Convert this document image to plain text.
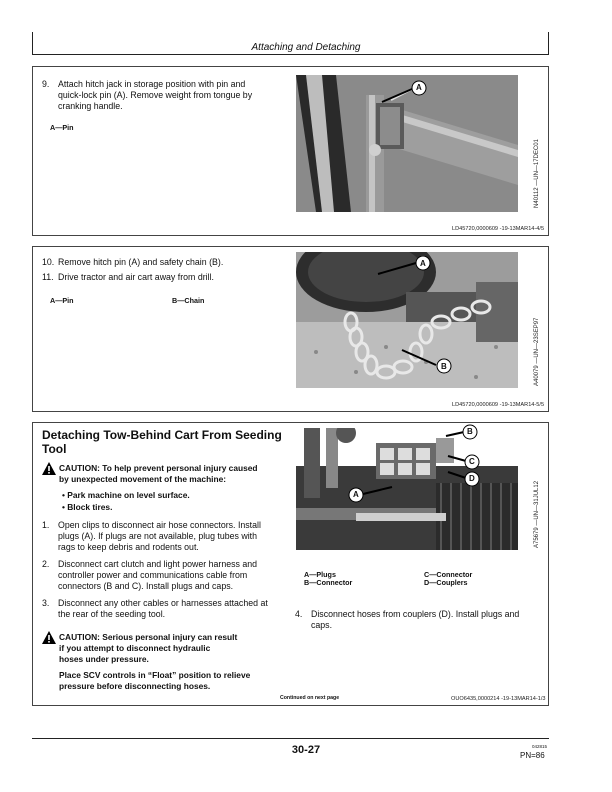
Attaching and Detaching
9. Attach hitch jack in storage position with pin and
quick-lock pin (A). Remove weight from tongue by
cranking handle.
A—Pin
A
N40112 —UN—17DEC01
LD45720,0000609 -19-13MAR14-4/5
10. Remove hitch pin (A) and safety chain (B).
11. Drive tractor and air cart away from drill.
A—Pin	B—Chain
A
B	A40079 —UN—23SEP97
LD45720,0000609 -19-13MAR14-5/5
Detaching Tow-Behind Cart From Seeding
Tool
CAUTION: To help prevent personal injury caused
by unexpected movement of the machine:
• Park machine on level surface.
• Block tires.
1. Open clips to disconnect air hose connectors. Install
plugs (A). If plugs are not available, plug tubes with
rags to keep debris and rodents out.
2. Disconnect cart clutch and light power harness and
controller power and communications cable from
connectors (B and C). Install plugs and caps.
3. Disconnect any other cables or harnesses attached at
the rear of the seeding tool.
CAUTION: Serious personal injury can result
if you attempt to disconnect hydraulic
hoses under pressure.
Place SCV controls in “Float” position to relieve
pressure before disconnecting hoses.
B
C
D
A	A75679 —UN—31JUL12
A—Plugs
B—Connector
C—Connector
D—Couplers
4. Disconnect hoses from couplers (D). Install plugs and
caps.
Continued on next page	OUO6435,0000214 -19-13MAR14-1/3
30-27	042815
PN=86
